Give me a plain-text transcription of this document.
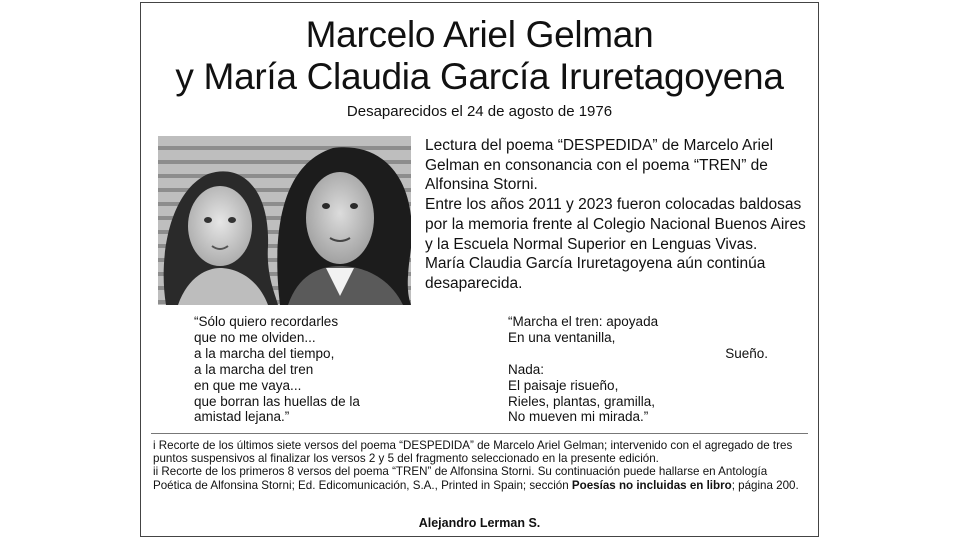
Marcelo Ariel Gelman
y María Claudia García Iruretagoyena
Desaparecidos el 24 de agosto de 1976

Lectura del poema “DESPEDIDA” de Marcelo Ariel Gelman en consonancia con el poema “TREN” de Alfonsina Storni.

Entre los años 2011 y 2023 fueron colocadas baldosas por la memoria frente al Colegio Nacional Buenos Aires y la Escuela Normal Superior en Lenguas Vivas.

María Claudia García Iruretagoyena aún continúa desaparecida.

“Sólo quiero recordarles
que no me olviden...
a la marcha del tiempo,
a la marcha del tren
en que me vaya...
que borran las huellas de la
amistad lejana.”
“Marcha el tren: apoyada
En una ventanilla,
Sueño.
Nada:
El paisaje risueño,
Rieles, plantas, gramilla,
No mueven mi mirada.”

i Recorte de los últimos siete versos del poema “DESPEDIDA” de Marcelo Ariel Gelman; intervenido con el agregado de tres puntos suspensivos al finalizar los versos 2 y 5 del fragmento seleccionado en la presente edición.

ii Recorte de los primeros 8 versos del poema “TREN” de Alfonsina Storni. Su continuación puede hallarse en Antología Poética de Alfonsina Storni; Ed. Edicomunicación, S.A., Printed in Spain; sección Poesías no incluidas en libro; página 200.

Alejandro Lerman S.
